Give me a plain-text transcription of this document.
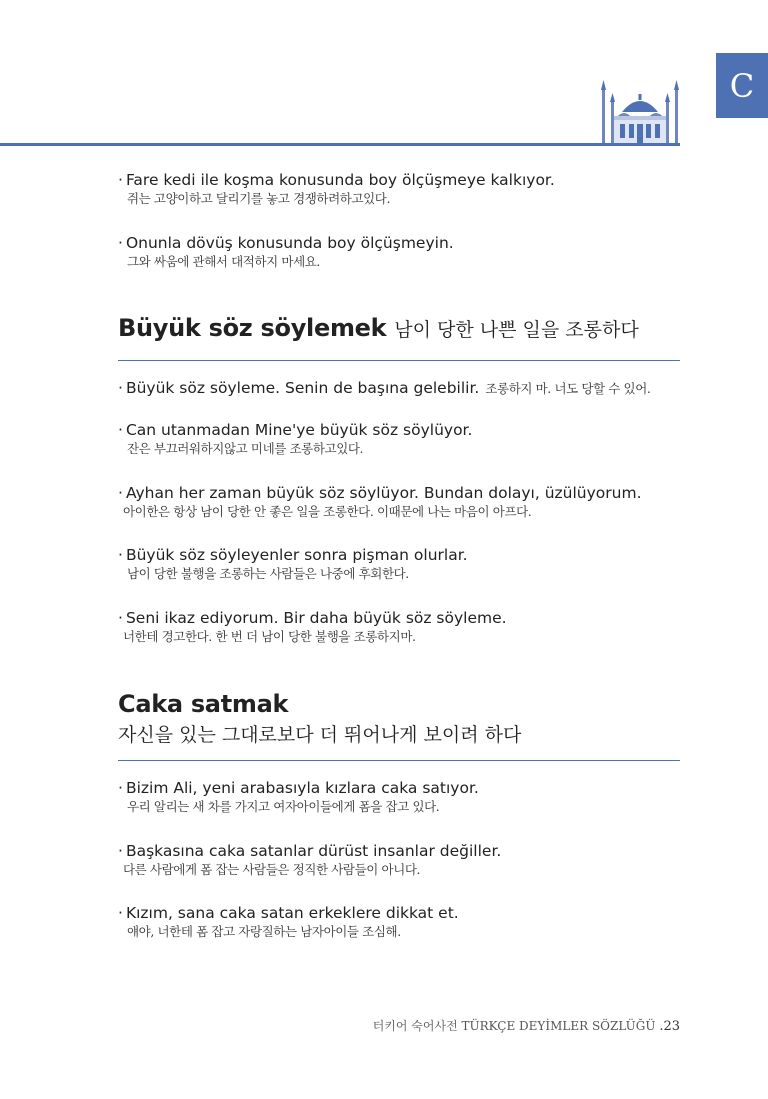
C
· Fare kedi ile koşma konusunda boy ölçüşmeye kalkıyor.
쥐는 고양이하고 달리기를 놓고 경쟁하려하고있다.
· Onunla dövüş konusunda boy ölçüşmeyin.
그와 싸움에 관해서 대적하지 마세요.
Büyük söz söylemek 남이 당한 나쁜 일을 조롱하다
· Büyük söz söyleme. Senin de başına gelebilir. 조롱하지 마. 너도 당할 수 있어.
· Can utanmadan Mine'ye büyük söz söylüyor.
잔은 부끄러워하지않고 미네를 조롱하고있다.
· Ayhan her zaman büyük söz söylüyor. Bundan dolayı, üzülüyorum.
아이한은 항상 남이 당한 안 좋은 일을 조롱한다. 이때문에 나는 마음이 아프다.
· Büyük söz söyleyenler sonra pişman olurlar.
남이 당한 불행을 조롱하는 사람들은 나중에 후회한다.
· Seni ikaz ediyorum. Bir daha büyük söz söyleme.
너한테 경고한다. 한 번 더 남이 당한 불행을 조롱하지마.
Caka satmak
자신을 있는 그대로보다 더 뛰어나게 보이려 하다
· Bizim Ali, yeni arabasıyla kızlara caka satıyor.
우리 알리는 새 차를 가지고 여자아이들에게 폼을 잡고 있다.
· Başkasına caka satanlar dürüst insanlar değiller.
다른 사람에게 폼 잡는 사람들은 정직한 사람들이 아니다.
· Kızım, sana caka satan erkeklere dikkat et.
얘야, 너한테 폼 잡고 자랑질하는 남자아이들 조심해.
터키어 숙어사전 TÜRKÇE DEYİMLER SÖZLÜĞÜ .23
